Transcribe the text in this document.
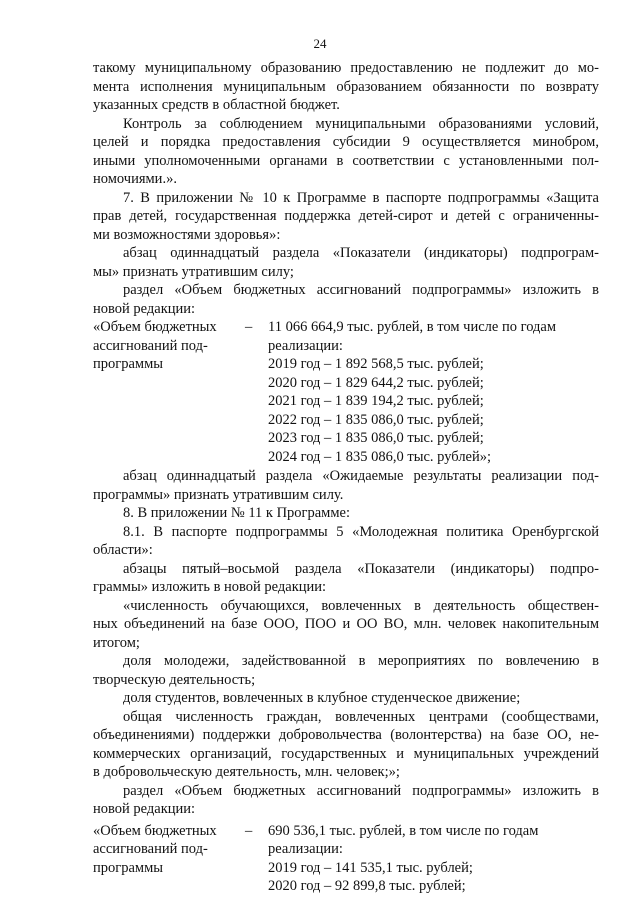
24
такому муниципальному образованию предоставлению не подлежит до мо-
мента исполнения муниципальным образованием обязанности по возврату
указанных средств в областной бюджет.
Контроль за соблюдением муниципальными образованиями условий,
целей и порядка предоставления субсидии 9 осуществляется минобром,
иными уполномоченными органами в соответствии с установленными пол-
номочиями.».
7. В приложении № 10 к Программе в паспорте подпрограммы «Защита
прав детей, государственная поддержка детей-сирот и детей с ограниченны-
ми возможностями здоровья»:
абзац одиннадцатый раздела «Показатели (индикаторы) подпрограм-
мы» признать утратившим силу;
раздел «Объем бюджетных ассигнований подпрограммы» изложить в
новой редакции:
«Объем бюджетных
ассигнований под-
программы
– 11 066 664,9 тыс. рублей, в том числе по годам
реализации:
2019 год – 1 892 568,5 тыс. рублей;
2020 год – 1 829 644,2 тыс. рублей;
2021 год – 1 839 194,2 тыс. рублей;
2022 год – 1 835 086,0 тыс. рублей;
2023 год – 1 835 086,0 тыс. рублей;
2024 год – 1 835 086,0 тыс. рублей»;
абзац одиннадцатый раздела «Ожидаемые результаты реализации под-
программы» признать утратившим силу.
8. В приложении № 11 к Программе:
8.1. В паспорте подпрограммы 5 «Молодежная политика Оренбургской
области»:
абзацы пятый–восьмой раздела «Показатели (индикаторы) подпро-
граммы» изложить в новой редакции:
«численность обучающихся, вовлеченных в деятельность обществен-
ных объединений на базе ООО, ПОО и ОО ВО, млн. человек накопительным
итогом;
доля молодежи, задействованной в мероприятиях по вовлечению в
творческую деятельность;
доля студентов, вовлеченных в клубное студенческое движение;
общая численность граждан, вовлеченных центрами (сообществами,
объединениями) поддержки добровольчества (волонтерства) на базе ОО, не-
коммерческих организаций, государственных и муниципальных учреждений
в добровольческую деятельность, млн. человек;»;
раздел «Объем бюджетных ассигнований подпрограммы» изложить в
новой редакции:
«Объем бюджетных – 690 536,1 тыс. рублей, в том числе по годам
ассигнований под-
программы
реализации:
2019 год – 141 535,1 тыс. рублей;
2020 год – 92 899,8 тыс. рублей;
